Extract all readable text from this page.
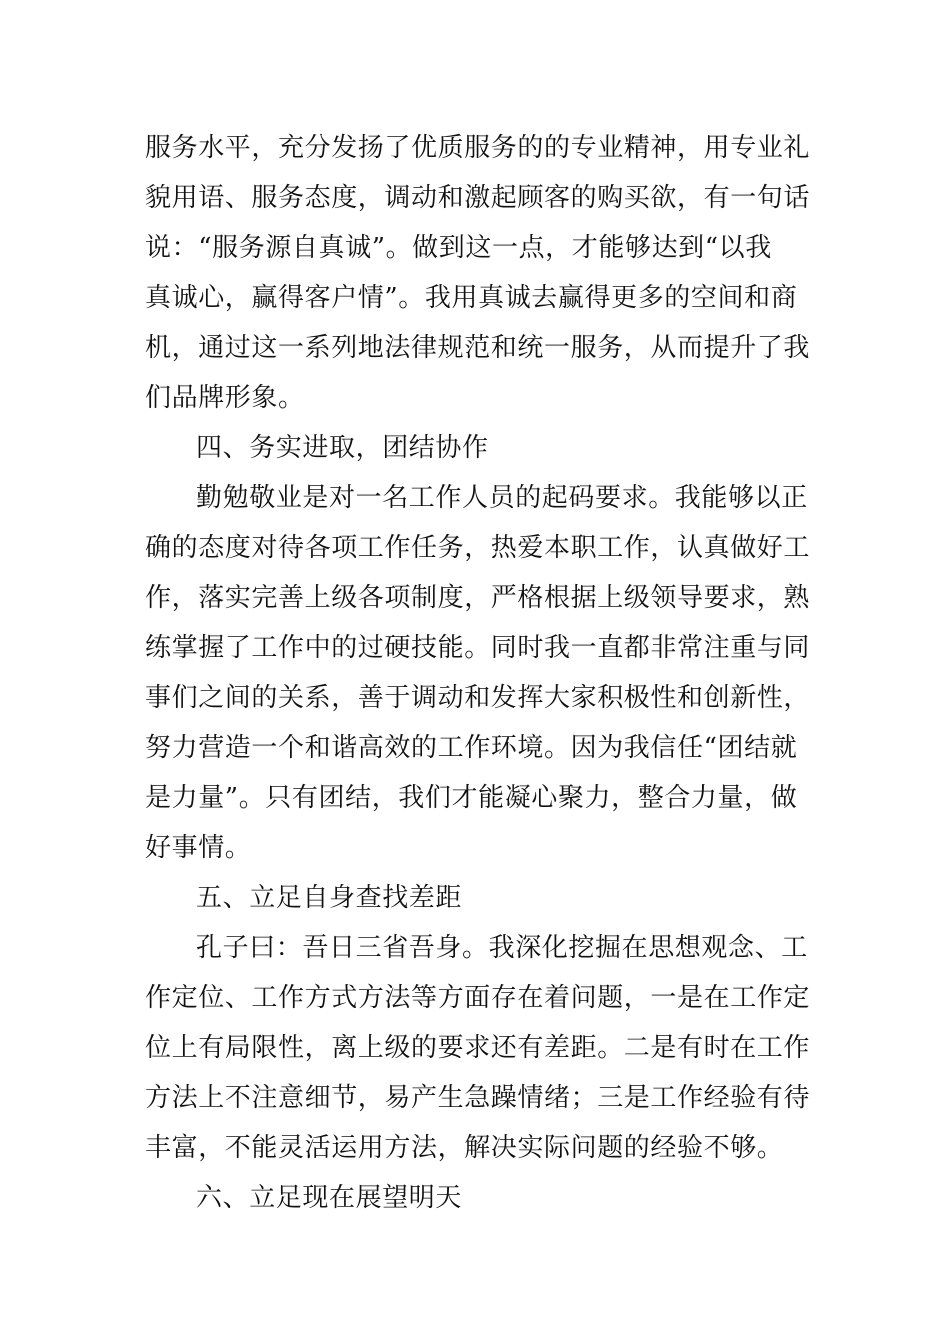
服务水平，充分发扬了优质服务的的专业精神，用专业礼
貌用语、服务态度，调动和激起顾客的购买欲，有一句话
说：“服务源自真诚”。做到这一点，才能够达到“以我
真诚心，赢得客户情”。我用真诚去赢得更多的空间和商
机，通过这一系列地法律规范和统一服务，从而提升了我
们品牌形象。
四、务实进取，团结协作
勤勉敬业是对一名工作人员的起码要求。我能够以正
确的态度对待各项工作任务，热爱本职工作，认真做好工
作，落实完善上级各项制度，严格根据上级领导要求，熟
练掌握了工作中的过硬技能。同时我一直都非常注重与同
事们之间的关系，善于调动和发挥大家积极性和创新性，
努力营造一个和谐高效的工作环境。因为我信任“团结就
是力量”。只有团结，我们才能凝心聚力，整合力量，做
好事情。
五、立足自身查找差距
孔子曰：吾日三省吾身。我深化挖掘在思想观念、工
作定位、工作方式方法等方面存在着问题，一是在工作定
位上有局限性，离上级的要求还有差距。二是有时在工作
方法上不注意细节，易产生急躁情绪；三是工作经验有待
丰富，不能灵活运用方法，解决实际问题的经验不够。
六、立足现在展望明天
